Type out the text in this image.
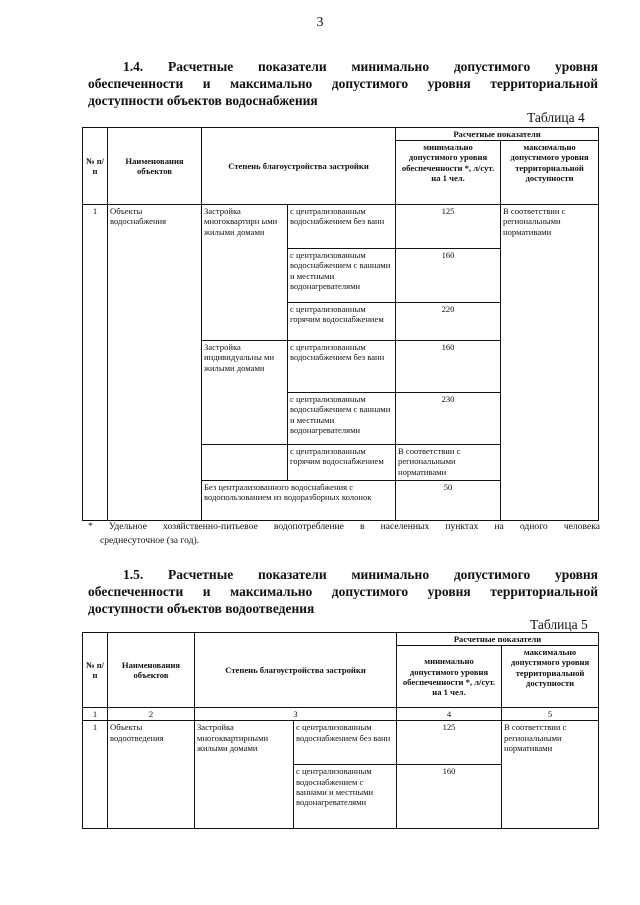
3
1.4. Расчетные показатели минимально допустимого уровня
обеспеченности и максимально допустимого уровня территориальной
доступности объектов водоснабжения
Таблица 4
№ п/п	Наименования объектов	Степень благоустройства застройки		Расчетные показатели	
				минимально допустимого уровня обеспеченности *, л/сут. на 1 чел.	максимально допустимого уровня территориальной доступности
1	Объекты водоснабжения	Застройка многоквартирн ыми жилыми домами	с централизованным водоснабжением без ванн	125	В соответствии с региональными нормативами
			с централизованным водоснабжением с ваннами и местными водонагревателями	160	
			с централизованным горячим водоснабжением	220	
		Застройка индивидуальны ми жилыми домами	с централизованным водоснабжением без ванн	160	
			с централизованным водоснабжением с ваннами и местными водонагревателями	230	
			с централизованным горячим водоснабжением	В соответствии с региональными нормативами	
		Без централизованного водоснабжения с водопользованием из водоразборных колонок		50	
* Удельное хозяйственно-питьевое водопотребление в населенных пунктах на одного человека
среднесуточное (за год).
1.5. Расчетные показатели минимально допустимого уровня
обеспеченности и максимально допустимого уровня территориальной
доступности объектов водоотведения
Таблица 5
№ п/п	Наименования объектов	Степень благоустройства застройки		Расчетные показатели	
				минимально допустимого уровня обеспеченности *, л/сут. на 1 чел.	максимально допустимого уровня территориальной доступности
1	2	3		4	5
1	Объекты водоотведения	Застройка многоквартирными жилыми домами	с централизованным водоснабжением без ванн	125	В соответствии с региональными нормативами
			с централизованным водоснабжением с ваннами и местными водонагревателями	160	
